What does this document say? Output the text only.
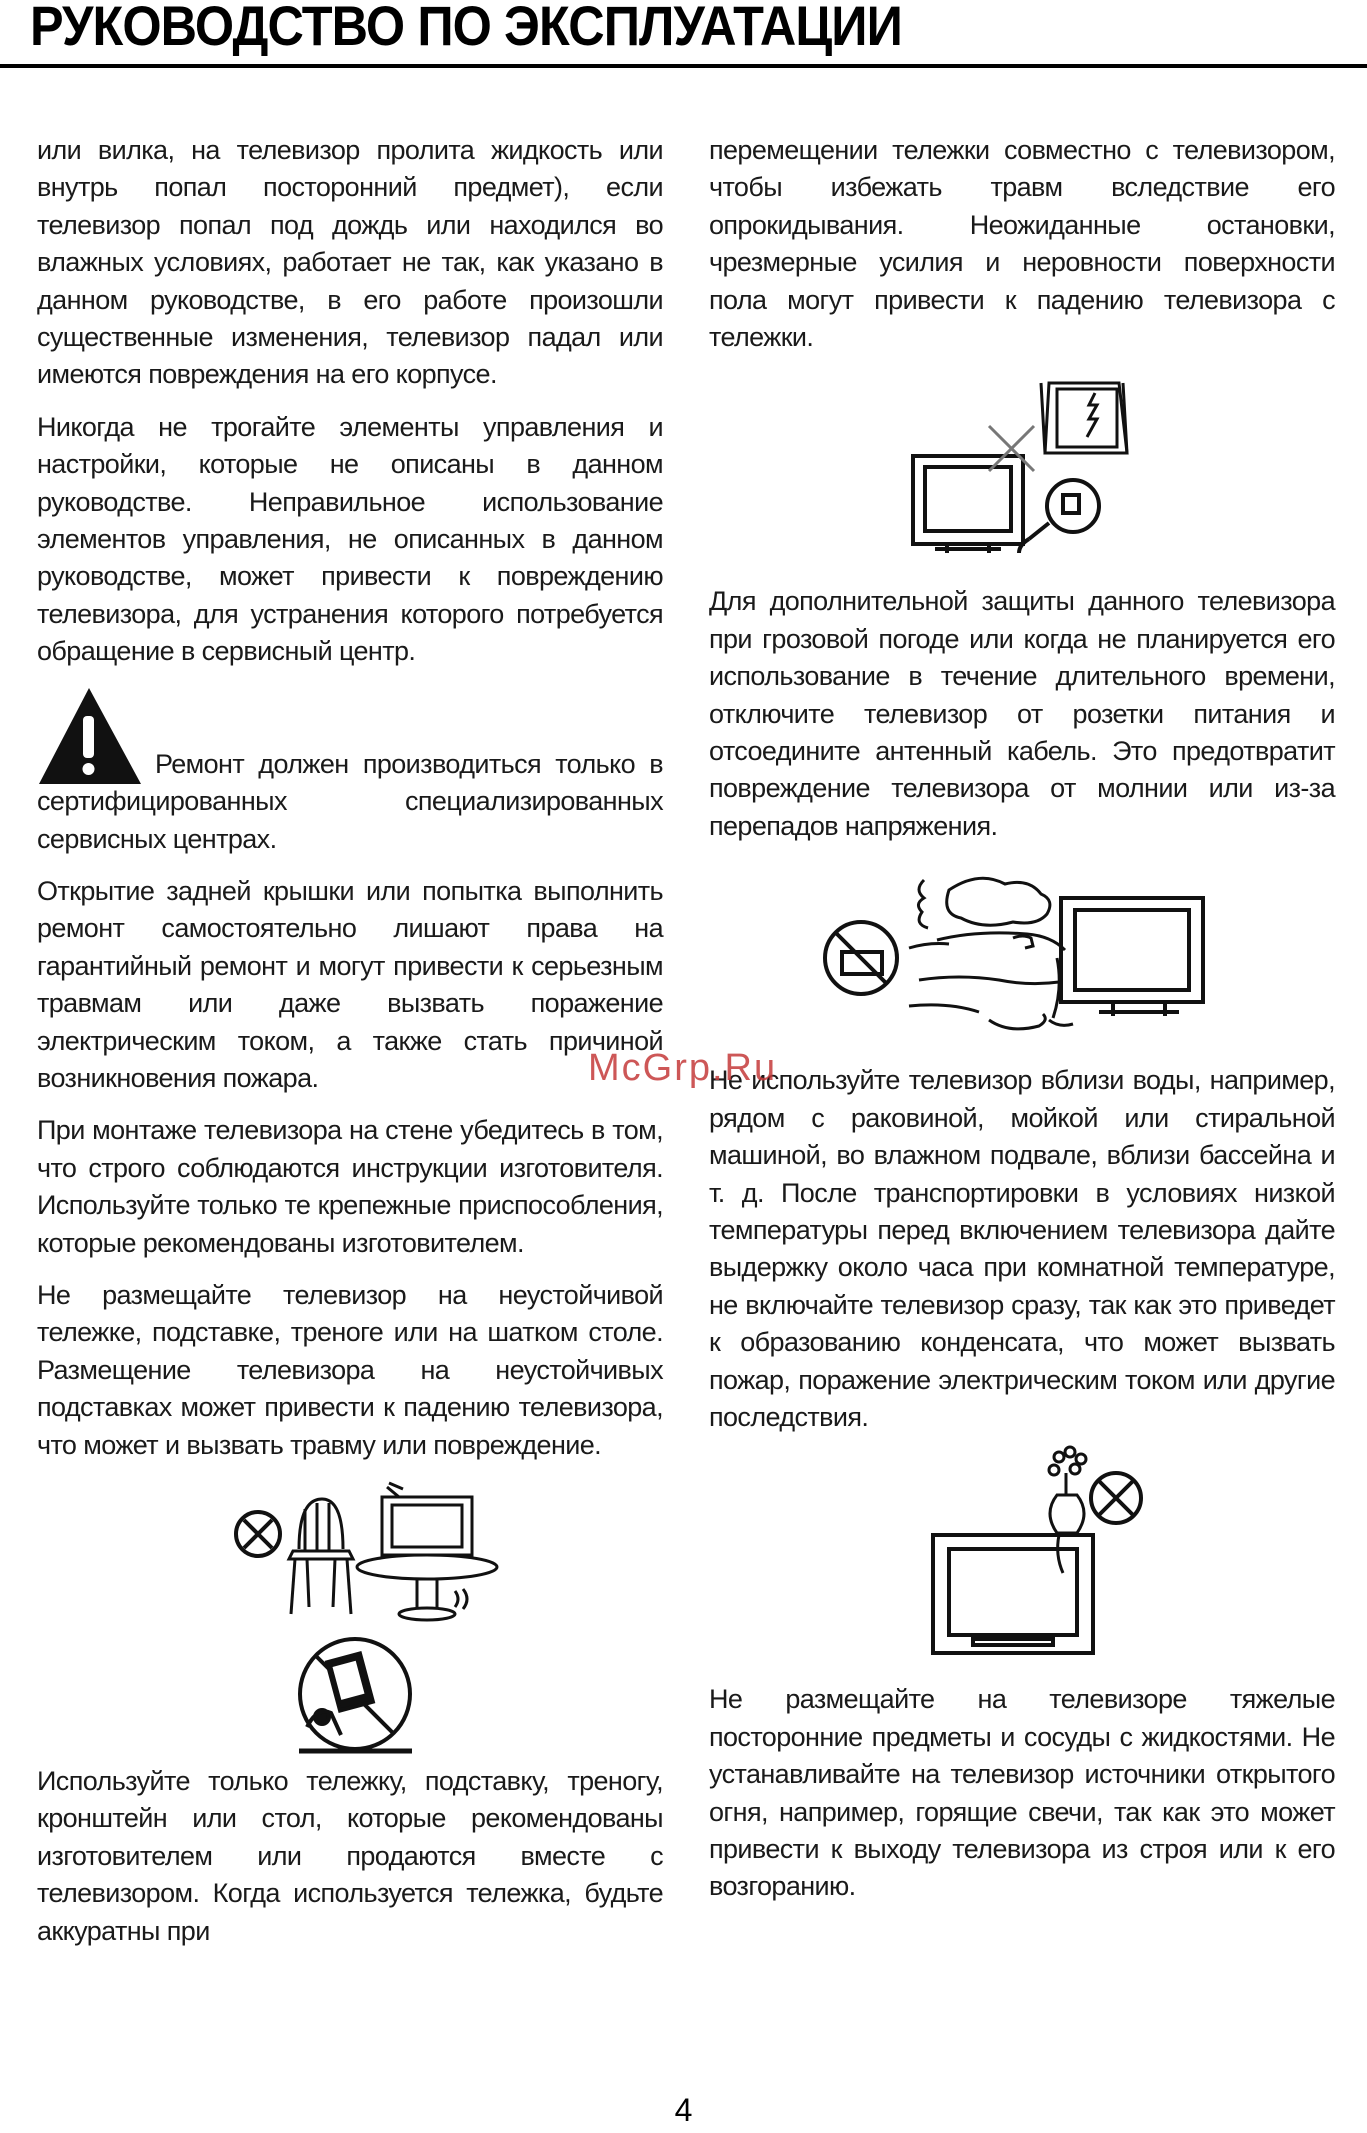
РУКОВОДСТВО ПО ЭКСПЛУАТАЦИИ

или вилка, на телевизор пролита жидкость или внутрь попал посторонний предмет), если телевизор попал под дождь или находился во влажных условиях, работает не так, как указано в данном руководстве, в его работе произошли существенные изменения, телевизор падал или имеются повреждения на его корпусе.

Никогда не трогайте элементы управления и настройки, которые не описаны в данном руководстве. Неправильное использование элементов управления, не описанных в данном руководстве, может привести к повреждению телевизора, для устранения которого потребуется обращение в сервисный центр.

Ремонт должен производиться только в сертифицированных специализированных сервисных центрах.

Открытие задней крышки или попытка выполнить ремонт самостоятельно лишают права на гарантийный ремонт и могут привести к серьезным травмам или даже вызвать поражение электрическим током, а также стать причиной возникновения пожара.

При монтаже телевизора на стене убедитесь в том, что строго соблюдаются инструкции изготовителя. Используйте только те крепежные приспособления, которые рекомендованы изготовителем.

Не размещайте телевизор на неустойчивой тележке, подставке, треноге или на шатком столе. Размещение телевизора на неустойчивых подставках может привести к падению телевизора, что может и вызвать травму или повреждение.

Используйте только тележку, подставку, треногу, кронштейн или стол, которые рекомендованы изготовителем или продаются вместе с телевизором. Когда используется тележка, будьте аккуратны при

перемещении тележки совместно с телевизором, чтобы избежать травм вследствие его опрокидывания. Неожиданные остановки, чрезмерные усилия и неровности поверхности пола могут привести к падению телевизора с тележки.

Для дополнительной защиты данного телевизора при грозовой погоде или когда не планируется его использование в течение длительного времени, отключите телевизор от розетки питания и отсоедините антенный кабель. Это предотвратит повреждение телевизора от молнии или из-за перепадов напряжения.

Не используйте телевизор вблизи воды, например, рядом с раковиной, мойкой или стиральной машиной, во влажном подвале, вблизи бассейна и т. д. После транспортировки в условиях низкой температуры перед включением телевизора дайте выдержку около часа при комнатной температуре, не включайте телевизор сразу, так как это приведет к образованию конденсата, что может вызвать пожар, поражение электрическим током или другие последствия.

Не размещайте на телевизоре тяжелые посторонние предметы и сосуды с жидкостями. Не устанавливайте на телевизор источники открытого огня, например, горящие свечи, так как это может привести к выходу телевизора из строя или к его возгоранию.

McGrp.Ru
4
